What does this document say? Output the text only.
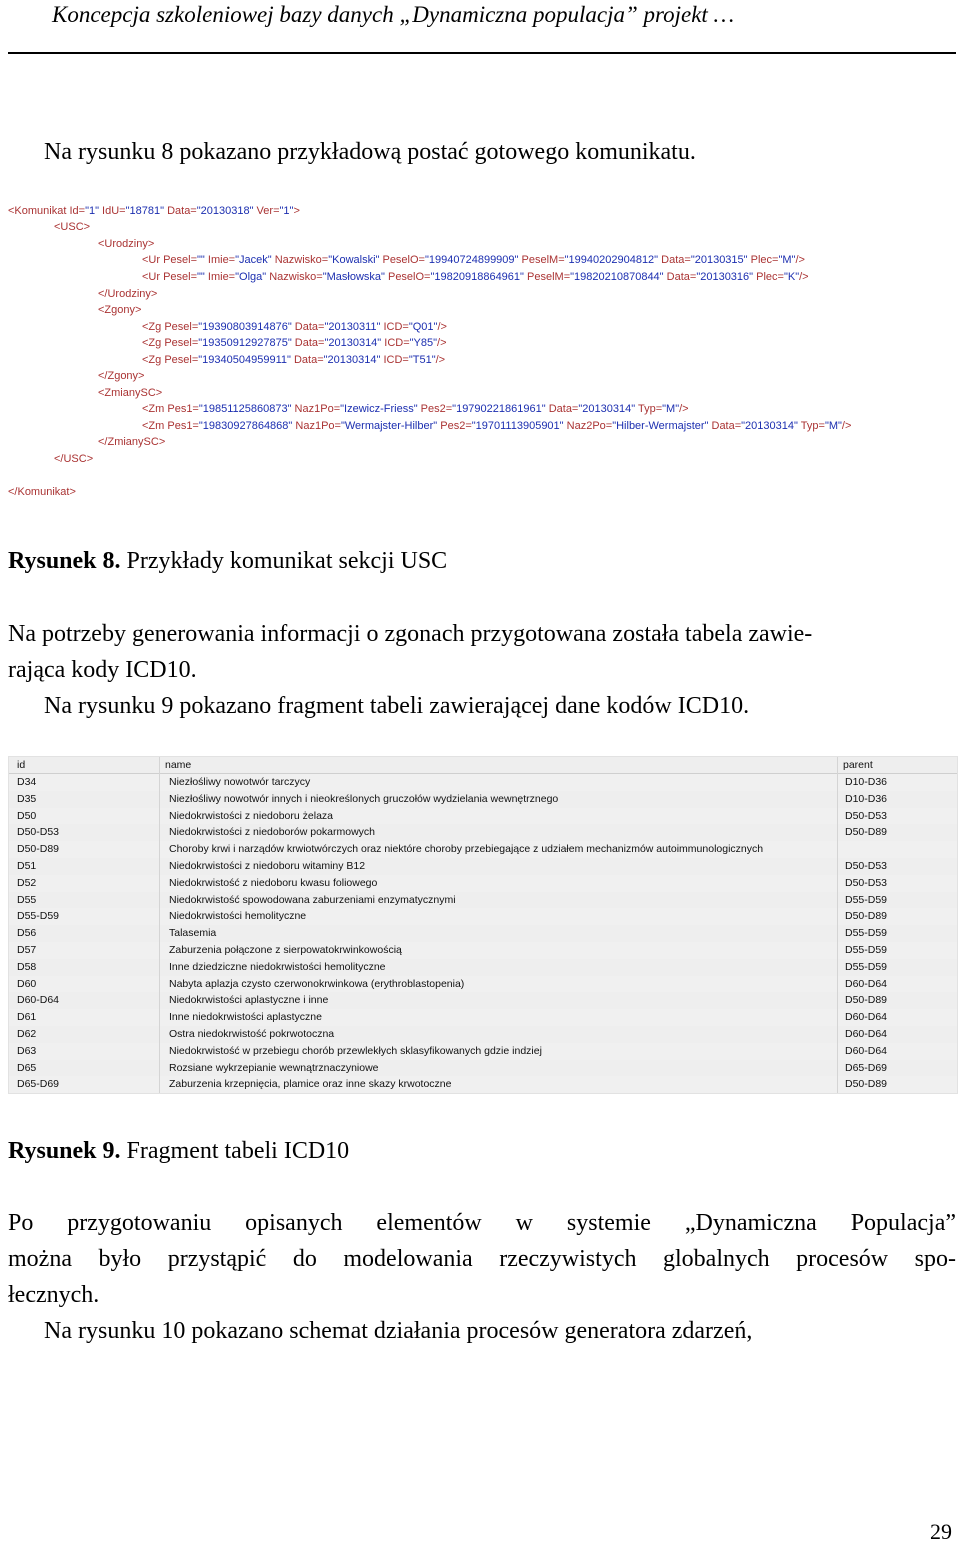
Koncepcja szkoleniowej bazy danych „Dynamiczna populacja” projekt …
Na rysunku 8 pokazano przykładową postać gotowego komunikatu.
<Komunikat Id="1" IdU="18781" Data="20130318" Ver="1">
<USC>
<Urodziny>
<Ur Pesel="" Imie="Jacek" Nazwisko="Kowalski" PeselO="19940724899909" PeselM="19940202904812" Data="20130315" Plec="M"/>
<Ur Pesel="" Imie="Olga" Nazwisko="Masłowska" PeselO="19820918864961" PeselM="19820210870844" Data="20130316" Plec="K"/>
</Urodziny>
<Zgony>
<Zg Pesel="19390803914876" Data="20130311" ICD="Q01"/>
<Zg Pesel="19350912927875" Data="20130314" ICD="Y85"/>
<Zg Pesel="19340504959911" Data="20130314" ICD="T51"/>
</Zgony>
<ZmianySC>
<Zm Pes1="19851125860873" Naz1Po="Izewicz-Friess" Pes2="19790221861961" Data="20130314" Typ="M"/>
<Zm Pes1="19830927864868" Naz1Po="Wermajster-Hilber" Pes2="19701113905901" Naz2Po="Hilber-Wermajster" Data="20130314" Typ="M"/>
</ZmianySC>
</USC>
</Komunikat>
Rysunek 8. Przykłady komunikat sekcji USC
Na potrzeby generowania informacji o zgonach przygotowana została tabela zawie-
rająca kody ICD10.
Na rysunku 9 pokazano fragment tabeli zawierającej dane kodów ICD10.
id	name	parent
D34	Niezłośliwy nowotwór tarczycy	D10-D36
D35	Niezłośliwy nowotwór innych i nieokreślonych gruczołów wydzielania wewnętrznego	D10-D36
D50	Niedokrwistości z niedoboru żelaza	D50-D53
D50-D53	Niedokrwistości z niedoborów pokarmowych	D50-D89
D50-D89	Choroby krwi i narządów krwiotwórczych oraz niektóre choroby przebiegające z udziałem mechanizmów autoimmunologicznych
D51	Niedokrwistości z niedoboru witaminy B12	D50-D53
D52	Niedokrwistość z niedoboru kwasu foliowego	D50-D53
D55	Niedokrwistość spowodowana zaburzeniami enzymatycznymi	D55-D59
D55-D59	Niedokrwistości hemolityczne	D50-D89
D56	Talasemia	D55-D59
D57	Zaburzenia połączone z sierpowatokrwinkowością	D55-D59
D58	Inne dziedziczne niedokrwistości hemolityczne	D55-D59
D60	Nabyta aplazja czysto czerwonokrwinkowa (erythroblastopenia)	D60-D64
D60-D64	Niedokrwistości aplastyczne i inne	D50-D89
D61	Inne niedokrwistości aplastyczne	D60-D64
D62	Ostra niedokrwistość pokrwotoczna	D60-D64
D63	Niedokrwistość w przebiegu chorób przewlekłych sklasyfikowanych gdzie indziej	D60-D64
D65	Rozsiane wykrzepianie wewnątrznaczyniowe	D65-D69
D65-D69	Zaburzenia krzepnięcia, plamice oraz inne skazy krwotoczne	D50-D89
Rysunek 9. Fragment tabeli ICD10
Po przygotowaniu opisanych elementów w systemie „Dynamiczna Populacja”
można było przystąpić do modelowania rzeczywistych globalnych procesów spo-
łecznych.
Na rysunku 10 pokazano schemat działania procesów generatora zdarzeń,
29
